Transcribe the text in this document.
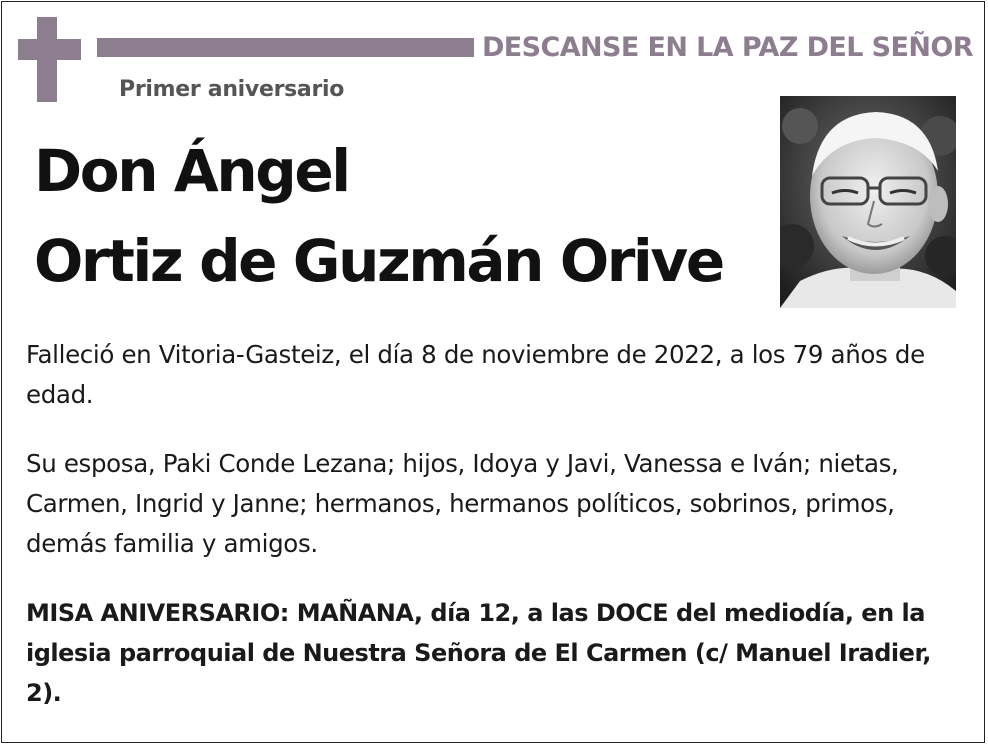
DESCANSE EN LA PAZ DEL SEÑOR
Primer aniversario
Don Ángel
Ortiz de Guzmán Orive

Falleció en Vitoria-Gasteiz, el día 8 de noviembre de 2022, a los 79 años de edad.

Su esposa, Paki Conde Lezana; hijos, Idoya y Javi, Vanessa e Iván; nietas, Carmen, Ingrid y Janne; hermanos, hermanos políticos, sobrinos, primos, demás familia y amigos.

MISA ANIVERSARIO: MAÑANA, día 12, a las DOCE del mediodía, en la iglesia parroquial de Nuestra Señora de El Carmen (c/ Manuel Iradier, 2).
